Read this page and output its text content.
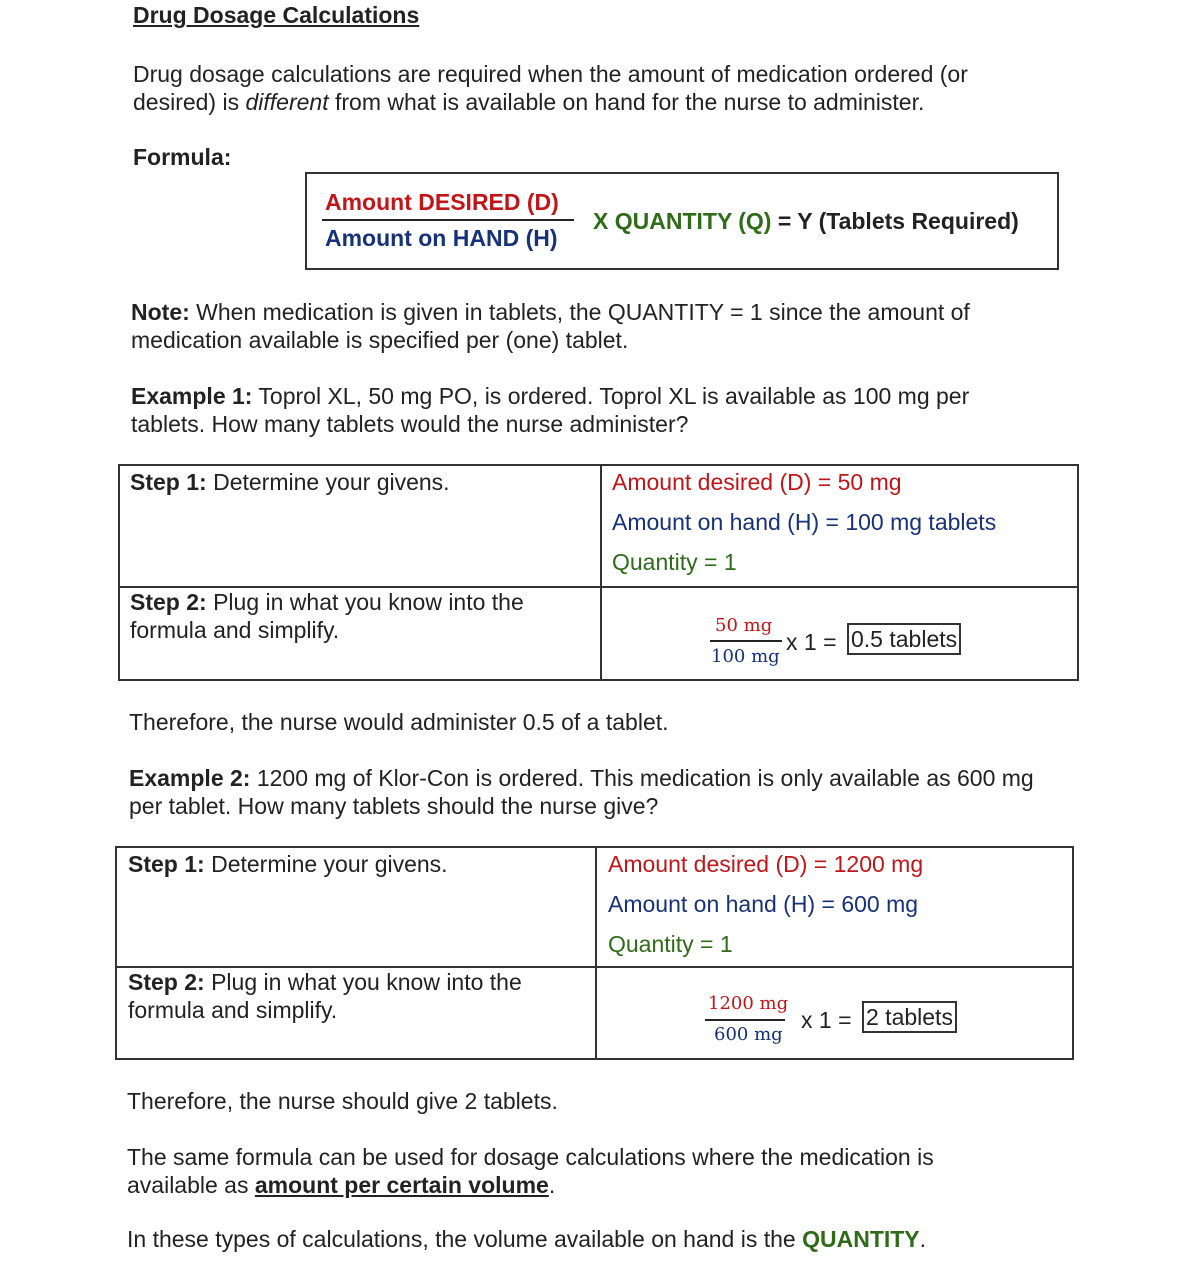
Drug Dosage Calculations
Drug dosage calculations are required when the amount of medication ordered (or desired) is different from what is available on hand for the nurse to administer.
Formula:
Amount DESIRED (D)
Amount on HAND (H)
X QUANTITY (Q) = Y (Tablets Required)
Note: When medication is given in tablets, the QUANTITY = 1 since the amount of medication available is specified per (one) tablet.
Example 1: Toprol XL, 50 mg PO, is ordered. Toprol XL is available as 100 mg per tablets. How many tablets would the nurse administer?
Step 1: Determine your givens.	Amount desired (D) = 50 mg
Amount on hand (H) = 100 mg tablets
Quantity = 1

Step 2: Plug in what you know into the formula and simplify.	50 mg
100 mg
x 1 = 0.5 tablets
Therefore, the nurse would administer 0.5 of a tablet.
Example 2: 1200 mg of Klor-Con is ordered. This medication is only available as 600 mg per tablet. How many tablets should the nurse give?
Step 1: Determine your givens.	Amount desired (D) = 1200 mg
Amount on hand (H) = 600 mg
Quantity = 1

Step 2: Plug in what you know into the formula and simplify.	1200 mg
600 mg
x 1 = 2 tablets
Therefore, the nurse should give 2 tablets.
The same formula can be used for dosage calculations where the medication is available as amount per certain volume.
In these types of calculations, the volume available on hand is the QUANTITY.
